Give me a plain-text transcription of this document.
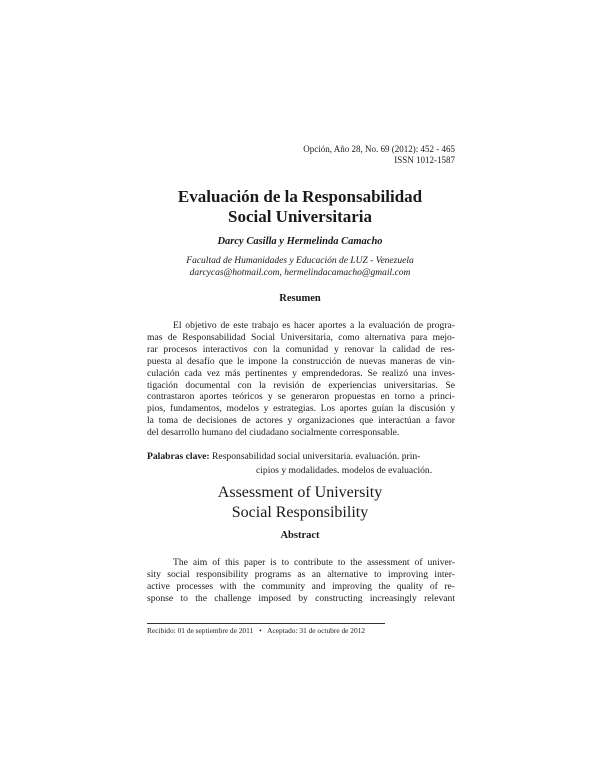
Opción, Año 28, No. 69 (2012): 452 - 465
ISSN 1012-1587
Evaluación de la Responsabilidad
Social Universitaria
Darcy Casilla y Hermelinda Camacho
Facultad de Humanidades y Educación de LUZ - Venezuela
darcycas@hotmail.com, hermelindacamacho@gmail.com
Resumen
El objetivo de este trabajo es hacer aportes a la evaluación de progra-
mas de Responsabilidad Social Universitaria, como alternativa para mejo-
rar procesos interactivos con la comunidad y renovar la calidad de res-
puesta al desafío que le impone la construcción de nuevas maneras de vin-
culación cada vez más pertinentes y emprendedoras. Se realizó una inves-
tigación documental con la revisión de experiencias universitarias. Se
contrastaron aportes teóricos y se generaron propuestas en torno a princi-
pios, fundamentos, modelos y estrategias. Los aportes guían la discusión y
la toma de decisiones de actores y organizaciones que interactúan a favor
del desarrollo humano del ciudadano socialmente corresponsable.
Palabras clave: Responsabilidad social universitaria. evaluación. prin-
cipios y modalidades. modelos de evaluación.
Assessment of University
Social Responsibility
Abstract
The aim of this paper is to contribute to the assessment of univer-
sity social responsibility programs as an alternative to improving inter-
active processes with the community and improving the quality of re-
sponse to the challenge imposed by constructing increasingly relevant
Recibido: 01 de septiembre de 2011 • Aceptado: 31 de octubre de 2012
